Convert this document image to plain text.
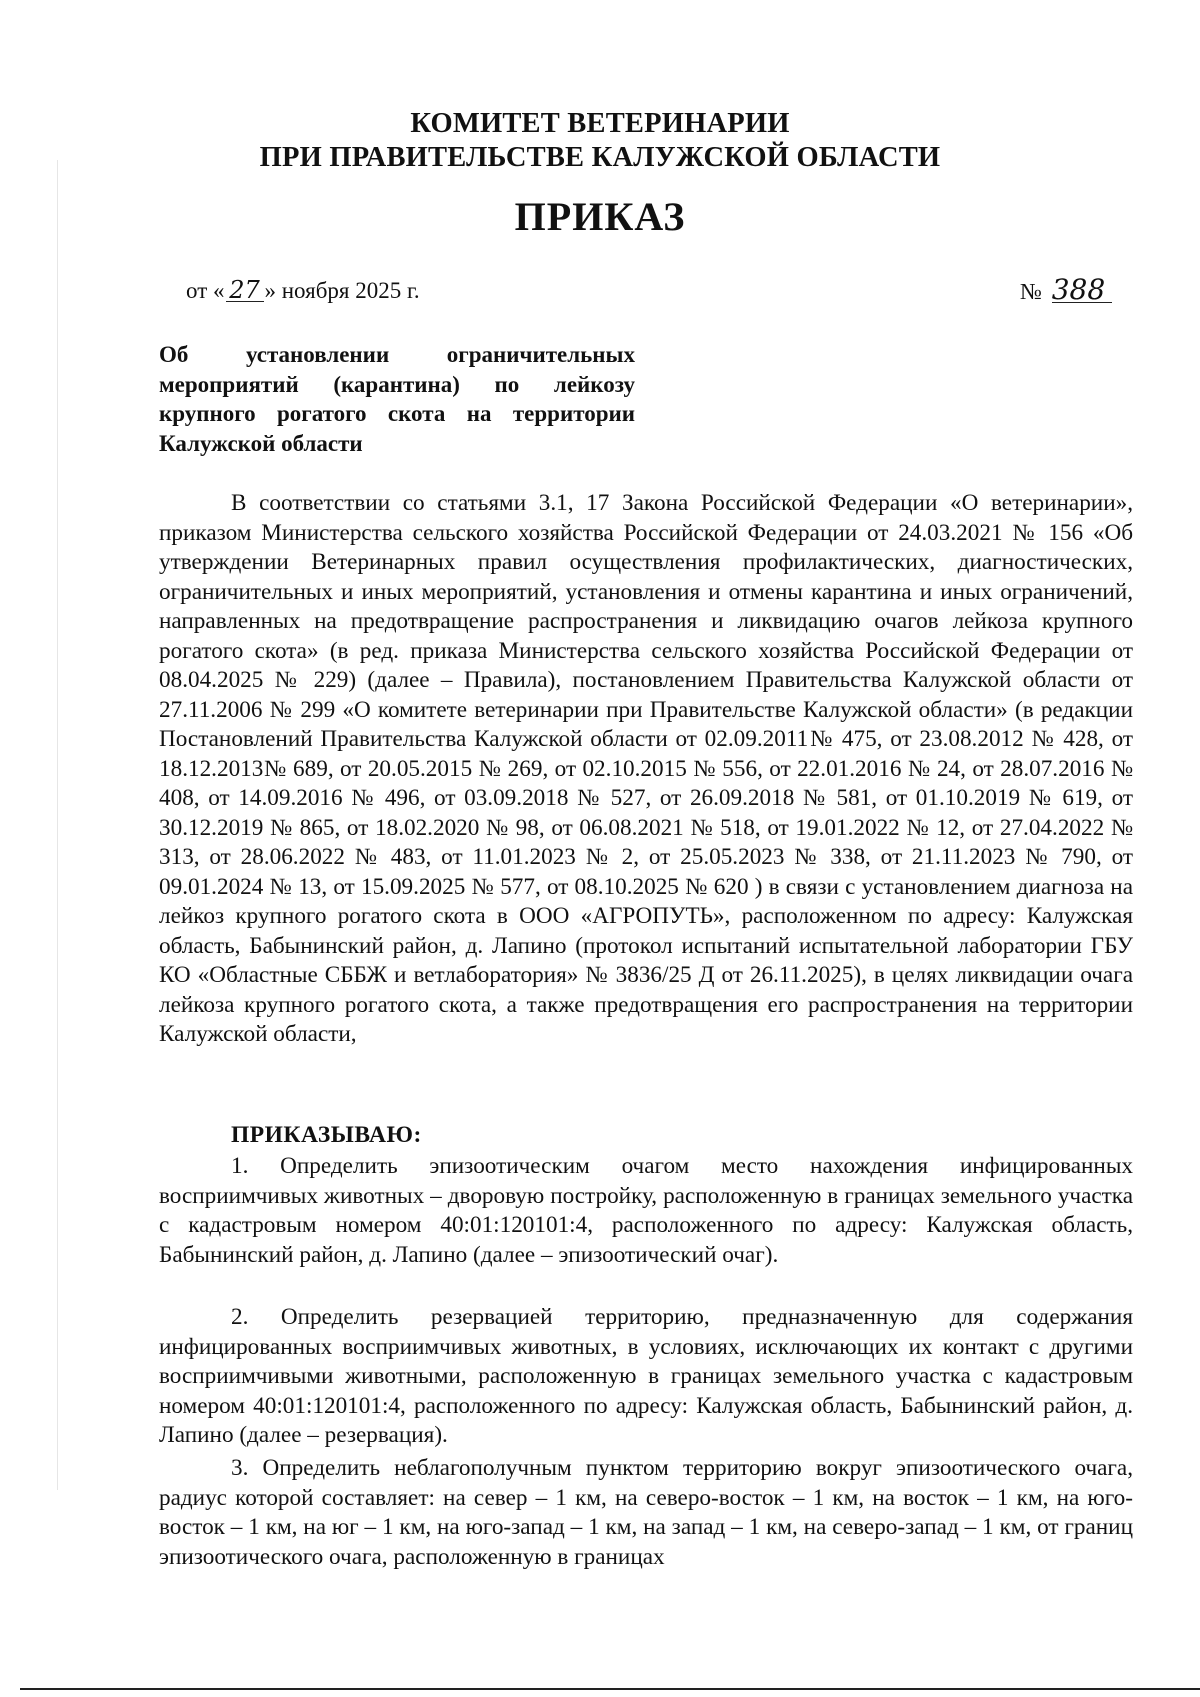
КОМИТЕТ ВЕТЕРИНАРИИ
ПРИ ПРАВИТЕЛЬСТВЕ КАЛУЖСКОЙ ОБЛАСТИ
ПРИКАЗ
от « 27 » ноября 2025 г.	№ 388
Об установлении ограничительных
мероприятий (карантина) по лейкозу
крупного рогатого скота на территории
Калужской области
В соответствии со статьями 3.1, 17 Закона Российской Федерации «О ветеринарии», приказом Министерства сельского хозяйства Российской Федерации от 24.03.2021 № 156 «Об утверждении Ветеринарных правил осуществления профилактических, диагностических, ограничительных и иных мероприятий, установления и отмены карантина и иных ограничений, направленных на предотвращение распространения и ликвидацию очагов лейкоза крупного рогатого скота» (в ред. приказа Министерства сельского хозяйства Российской Федерации от 08.04.2025 № 229) (далее – Правила), постановлением Правительства Калужской области от 27.11.2006 № 299 «О комитете ветеринарии при Правительстве Калужской области» (в редакции Постановлений Правительства Калужской области от 02.09.2011№ 475, от 23.08.2012 № 428, от 18.12.2013№ 689, от 20.05.2015 № 269, от 02.10.2015 № 556, от 22.01.2016 № 24, от 28.07.2016 № 408, от 14.09.2016 № 496, от 03.09.2018 № 527, от 26.09.2018 № 581, от 01.10.2019 № 619, от 30.12.2019 № 865, от 18.02.2020 № 98, от 06.08.2021 № 518, от 19.01.2022 № 12, от 27.04.2022 № 313, от 28.06.2022 № 483, от 11.01.2023 № 2, от 25.05.2023 № 338, от 21.11.2023 № 790, от 09.01.2024 № 13, от 15.09.2025 № 577, от 08.10.2025 № 620 ) в связи с установлением диагноза на лейкоз крупного рогатого скота в ООО «АГРОПУТЬ», расположенном по адресу: Калужская область, Бабынинский район, д. Лапино (протокол испытаний испытательной лаборатории ГБУ КО «Областные СББЖ и ветлаборатория» № 3836/25 Д от 26.11.2025), в целях ликвидации очага лейкоза крупного рогатого скота, а также предотвращения его распространения на территории Калужской области,
ПРИКАЗЫВАЮ:
1. Определить эпизоотическим очагом место нахождения инфицированных восприимчивых животных – дворовую постройку, расположенную в границах земельного участка с кадастровым номером 40:01:120101:4, расположенного по адресу: Калужская область, Бабынинский район, д. Лапино (далее – эпизоотический очаг).
2. Определить резервацией территорию, предназначенную для содержания инфицированных восприимчивых животных, в условиях, исключающих их контакт с другими восприимчивыми животными, расположенную в границах земельного участка с кадастровым номером 40:01:120101:4, расположенного по адресу: Калужская область, Бабынинский район, д. Лапино (далее – резервация).
3. Определить неблагополучным пунктом территорию вокруг эпизоотического очага, радиус которой составляет: на север – 1 км, на северо-восток – 1 км, на восток – 1 км, на юго-восток – 1 км, на юг – 1 км, на юго-запад – 1 км, на запад – 1 км, на северо-запад – 1 км, от границ эпизоотического очага, расположенную в границах
